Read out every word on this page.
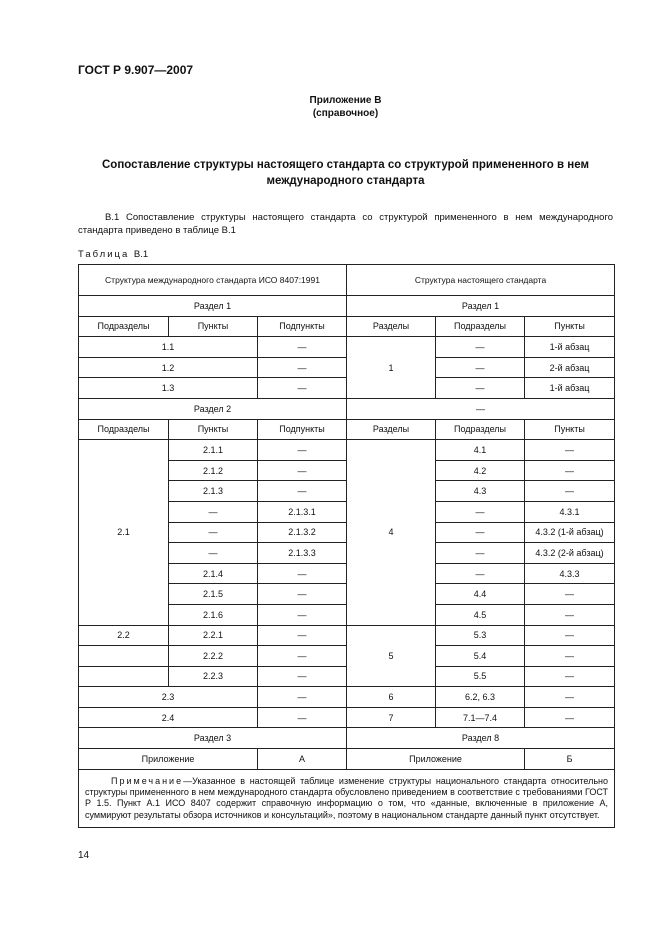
ГОСТ Р 9.907—2007
Приложение В
(справочное)
Сопоставление структуры настоящего стандарта со структурой примененного в нем
международного стандарта
В.1 Сопоставление структуры настоящего стандарта со структурой примененного в нем международного стандарта приведено в таблице В.1
Таблица В.1
Структура международного стандарта ИСО 8407:1991			Структура настоящего стандарта		
Раздел 1			Раздел 1		
Подразделы	Пункты	Подпункты	Разделы	Подразделы	Пункты
1.1		—	1	—	1-й абзац
1.2		—		—	2-й абзац
1.3		—		—	1-й абзац
Раздел 2			—		
Подразделы	Пункты	Подпункты	Разделы	Подразделы	Пункты
2.1	2.1.1	—	4	4.1	—
	2.1.2	—		4.2	—
	2.1.3	—		4.3	—
	—	2.1.3.1		—	4.3.1
	—	2.1.3.2		—	4.3.2 (1-й абзац)
	—	2.1.3.3		—	4.3.2 (2-й абзац)
	2.1.4	—		—	4.3.3
	2.1.5	—		4.4	—
	2.1.6	—		4.5	—
2.2	2.2.1	—	5	5.3	—
	2.2.2	—		5.4	—
	2.2.3	—		5.5	—
2.3		—	6	6.2, 6.3	—
2.4		—	7	7.1—7.4	—
Раздел 3			Раздел 8		
Приложение		А	Приложение		Б
Примечание—Указанное в настоящей таблице изменение структуры национального стандарта относительно структуры примененного в нем международного стандарта обусловлено приведением в соответствие с требованиями ГОСТ Р 1.5. Пункт А.1 ИСО 8407 содержит справочную информацию о том, что «данные, включенные в приложение А, суммируют результаты обзора источников и консультаций», поэтому в национальном стандарте данный пункт отсутствует.					
14
